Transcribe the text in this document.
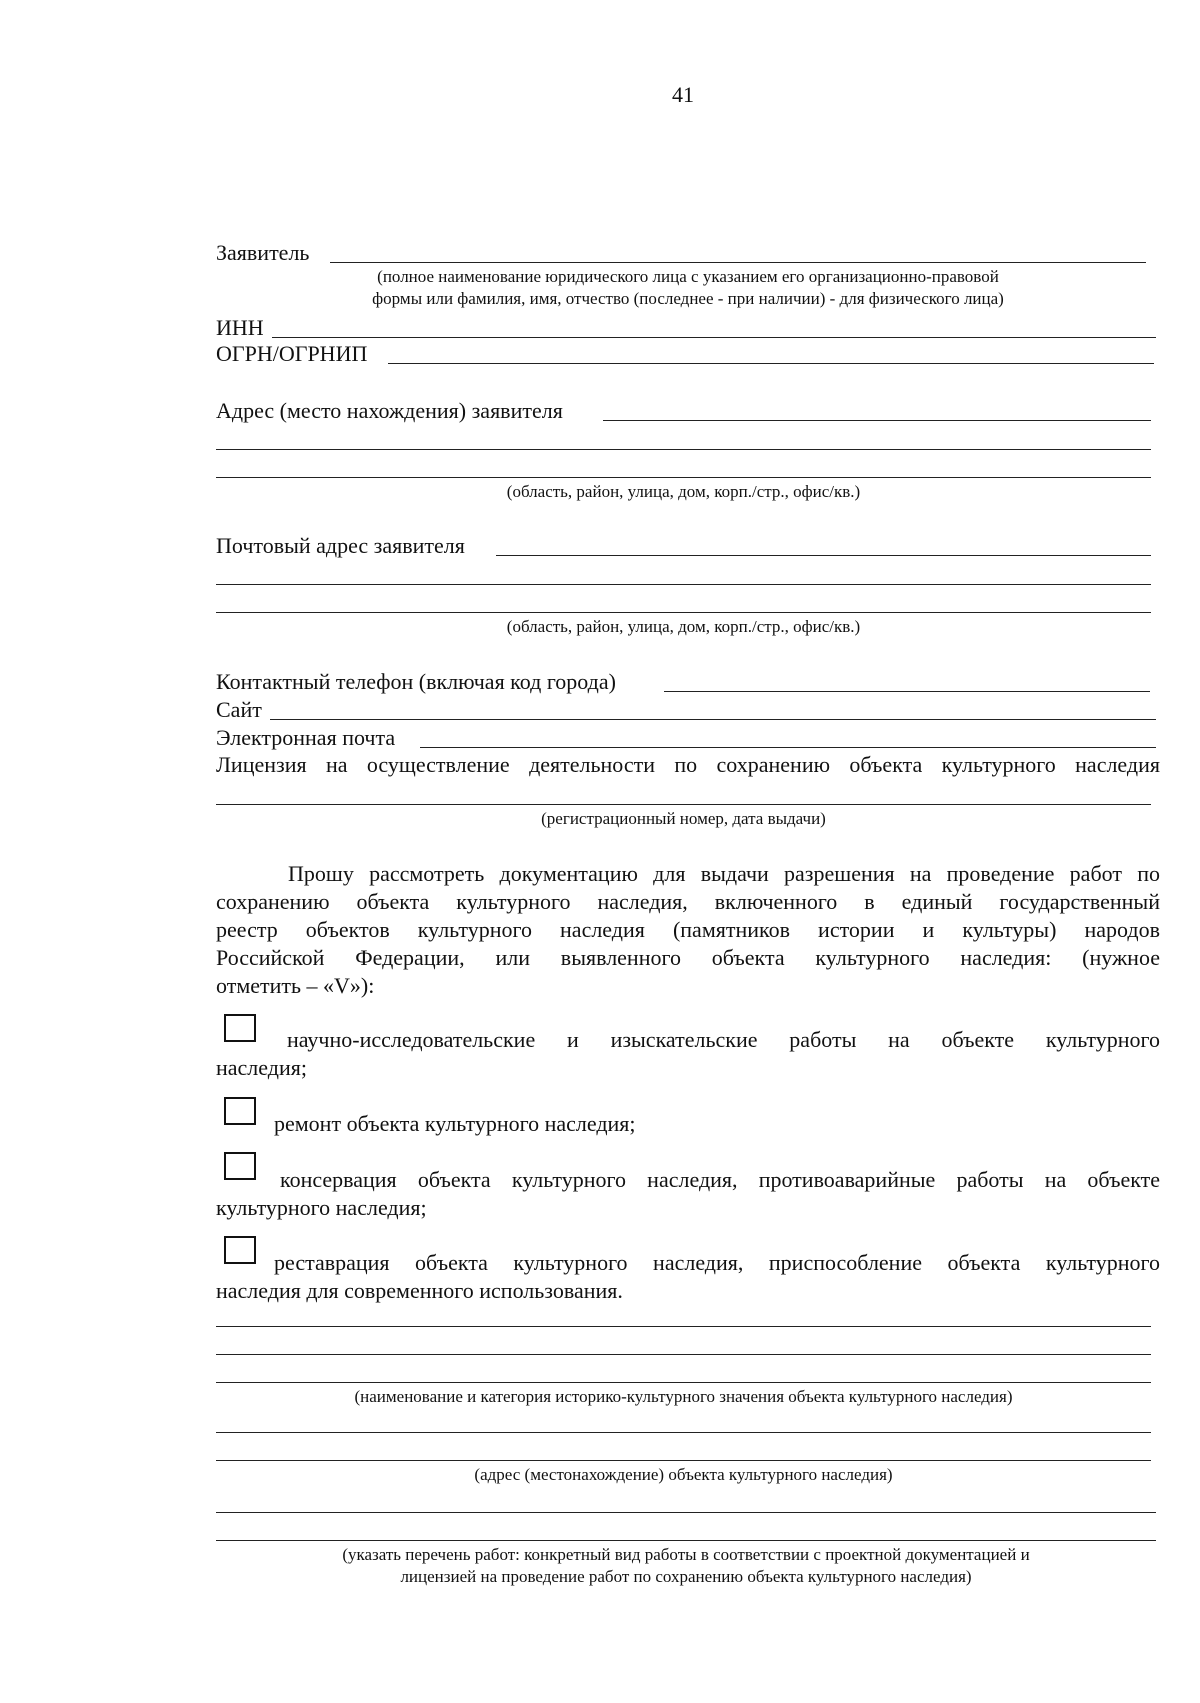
41
Заявитель
(полное наименование юридического лица с указанием его организационно-правовой
формы или фамилия, имя, отчество (последнее - при наличии) - для физического лица)
ИНН
ОГРН/ОГРНИП
Адрес (место нахождения) заявителя
(область, район, улица, дом, корп./стр., офис/кв.)
Почтовый адрес заявителя
(область, район, улица, дом, корп./стр., офис/кв.)
Контактный телефон (включая код города)
Сайт
Электронная почта
Лицензия на осуществление деятельности по сохранению объекта культурного наследия
(регистрационный номер, дата выдачи)
Прошу рассмотреть документацию для выдачи разрешения на проведение работ по
сохранению объекта культурного наследия, включенного в единый государственный
реестр объектов культурного наследия (памятников истории и культуры) народов
Российской Федерации, или выявленного объекта культурного наследия: (нужное
отметить – «V»):
научно-исследовательские и изыскательские работы на объекте культурного
наследия;
ремонт объекта культурного наследия;
консервация объекта культурного наследия, противоаварийные работы на объекте
культурного наследия;
реставрация объекта культурного наследия, приспособление объекта культурного
наследия для современного использования.
(наименование и категория историко-культурного значения объекта культурного наследия)
(адрес (местонахождение) объекта культурного наследия)
(указать перечень работ: конкретный вид работы в соответствии с проектной документацией и
лицензией на проведение работ по сохранению объекта культурного наследия)
